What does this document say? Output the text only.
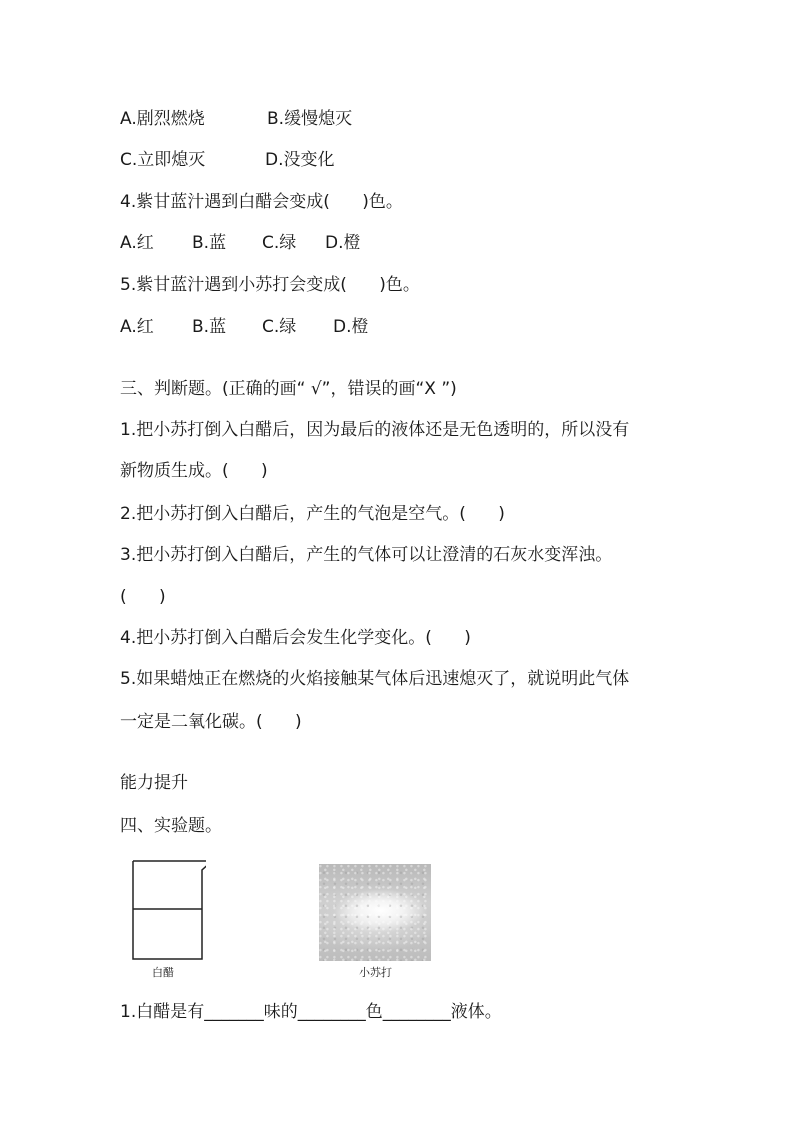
A.剧烈燃烧	B.缓慢熄灭
C.立即熄灭	D.没变化
4.紫甘蓝汁遇到白醋会变成(      )色。
A.红 B.蓝 C.绿 D.橙
5.紫甘蓝汁遇到小苏打会变成(      )色。
A.红 B.蓝 C.绿 D.橙
三、判断题。(正确的画“ √”，错误的画“X ”)
1.把小苏打倒入白醋后，因为最后的液体还是无色透明的，所以没有
新物质生成。(      )
2.把小苏打倒入白醋后，产生的气泡是空气。(      )
3.把小苏打倒入白醋后，产生的气体可以让澄清的石灰水变浑浊。
(      )
4.把小苏打倒入白醋后会发生化学变化。(      )
5.如果蜡烛正在燃烧的火焰接触某气体后迅速熄灭了，就说明此气体
一定是二氧化碳。(      )
能力提升
四、实验题。
白醋	小苏打
1.白醋是有_______味的________色________液体。
